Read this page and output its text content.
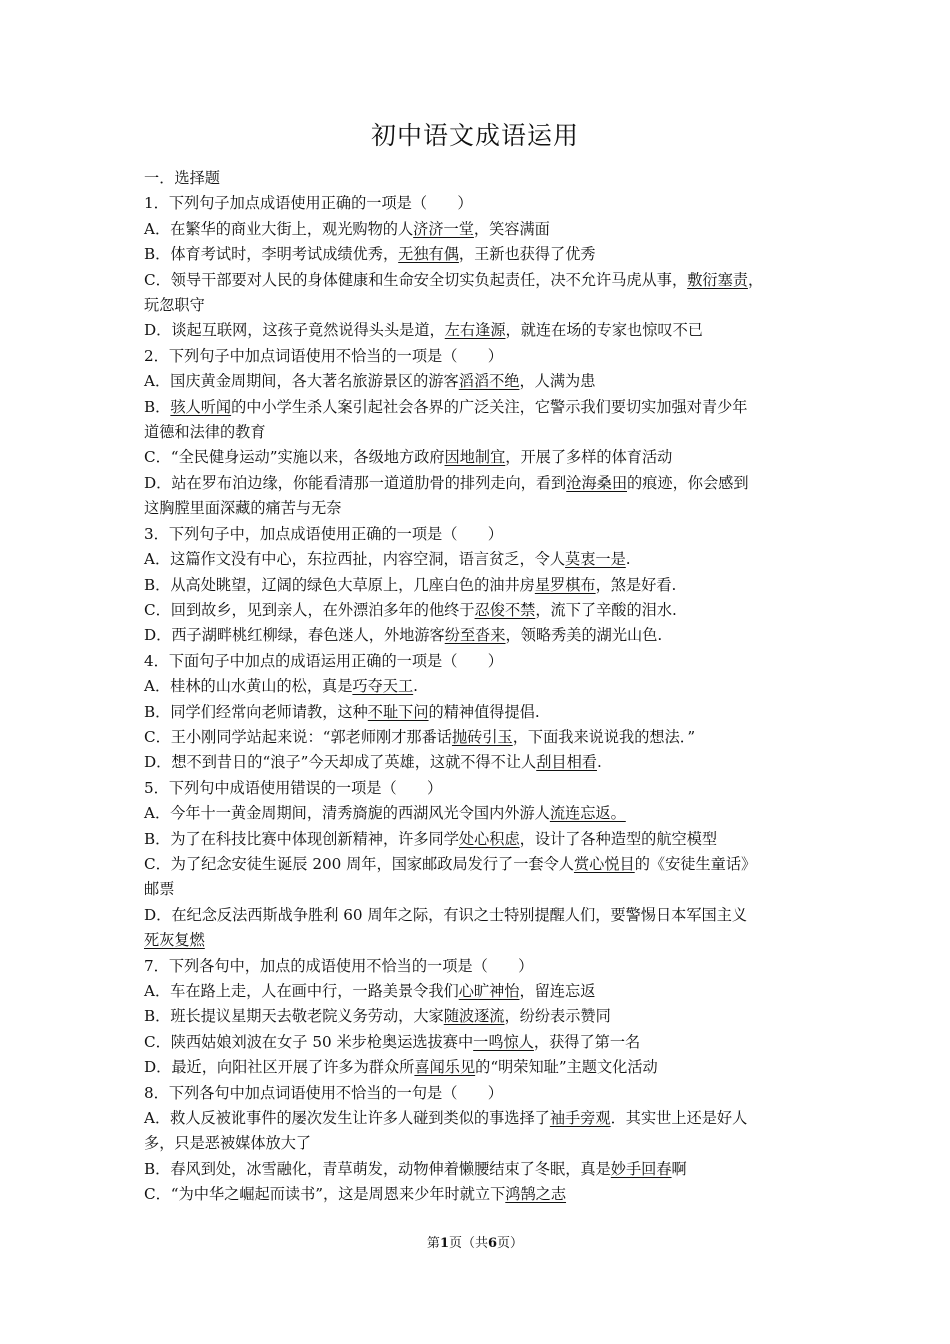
初中语文成语运用
一．选择题
1．下列句子加点成语使用正确的一项是（　　）
A．在繁华的商业大街上，观光购物的人济济一堂，笑容满面
B．体育考试时，李明考试成绩优秀，无独有偶，王新也获得了优秀
C．领导干部要对人民的身体健康和生命安全切实负起责任，决不允许马虎从事，敷衍塞责，
玩忽职守
D．谈起互联网，这孩子竟然说得头头是道，左右逢源，就连在场的专家也惊叹不已
2．下列句子中加点词语使用不恰当的一项是（　　）
A．国庆黄金周期间，各大著名旅游景区的游客滔滔不绝，人满为患
B．骇人听闻的中小学生杀人案引起社会各界的广泛关注，它警示我们要切实加强对青少年
道德和法律的教育
C．“全民健身运动”实施以来，各级地方政府因地制宜，开展了多样的体育活动
D．站在罗布泊边缘，你能看清那一道道肋骨的排列走向，看到沧海桑田的痕迹，你会感到
这胸膛里面深藏的痛苦与无奈
3．下列句子中，加点成语使用正确的一项是（　　）
A．这篇作文没有中心，东拉西扯，内容空洞，语言贫乏，令人莫衷一是.
B．从高处眺望，辽阔的绿色大草原上，几座白色的油井房星罗棋布，煞是好看.
C．回到故乡，见到亲人，在外漂泊多年的他终于忍俊不禁，流下了辛酸的泪水.
D．西子湖畔桃红柳绿，春色迷人，外地游客纷至沓来，领略秀美的湖光山色.
4．下面句子中加点的成语运用正确的一项是（　　）
A．桂林的山水黄山的松，真是巧夺天工.
B．同学们经常向老师请教，这种不耻下问的精神值得提倡.
C．王小刚同学站起来说：“郭老师刚才那番话抛砖引玉，下面我来说说我的想法．”
D．想不到昔日的“浪子”今天却成了英雄，这就不得不让人刮目相看.
5．下列句中成语使用错误的一项是（　　）
A．今年十一黄金周期间，清秀旖旎的西湖风光令国内外游人流连忘返。
B．为了在科技比赛中体现创新精神，许多同学处心积虑，设计了各种造型的航空模型
C．为了纪念安徒生诞辰 200 周年，国家邮政局发行了一套令人赏心悦目的《安徒生童话》
邮票
D．在纪念反法西斯战争胜利 60 周年之际，有识之士特别提醒人们，要警惕日本军国主义
死灰复燃
7．下列各句中，加点的成语使用不恰当的一项是（　　）
A．车在路上走，人在画中行，一路美景令我们心旷神怡，留连忘返
B．班长提议星期天去敬老院义务劳动，大家随波逐流，纷纷表示赞同
C．陕西姑娘刘波在女子 50 米步枪奥运选拔赛中一鸣惊人，获得了第一名
D．最近，向阳社区开展了许多为群众所喜闻乐见的“明荣知耻”主题文化活动
8．下列各句中加点词语使用不恰当的一句是（　　）
A．救人反被讹事件的屡次发生让许多人碰到类似的事选择了袖手旁观．其实世上还是好人
多，只是恶被媒体放大了
B．春风到处，冰雪融化，青草萌发，动物伸着懒腰结束了冬眠，真是妙手回春啊
C．“为中华之崛起而读书”，这是周恩来少年时就立下鸿鹄之志
第1页（共6页）
